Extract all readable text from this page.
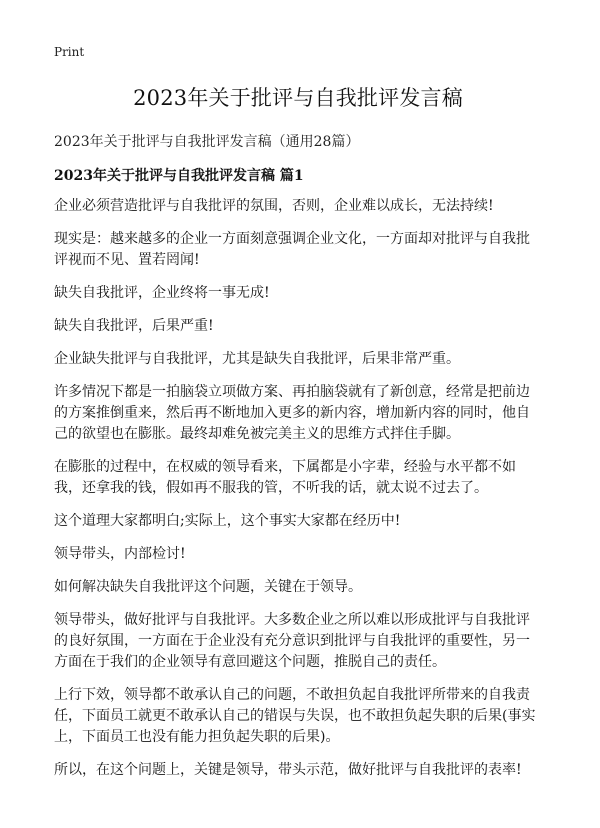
Print
2023年关于批评与自我批评发言稿
2023年关于批评与自我批评发言稿（通用28篇）
2023年关于批评与自我批评发言稿 篇1

企业必须营造批评与自我批评的氛围，否则，企业难以成长，无法持续!

现实是：越来越多的企业一方面刻意强调企业文化，一方面却对批评与自我批评视而不见、置若罔闻!

缺失自我批评，企业终将一事无成!

缺失自我批评，后果严重!

企业缺失批评与自我批评，尤其是缺失自我批评，后果非常严重。

许多情况下都是一拍脑袋立项做方案、再拍脑袋就有了新创意，经常是把前边的方案推倒重来，然后再不断地加入更多的新内容，增加新内容的同时，他自己的欲望也在膨胀。最终却难免被完美主义的思维方式拌住手脚。

在膨胀的过程中，在权威的领导看来，下属都是小字辈，经验与水平都不如我，还拿我的钱，假如再不服我的管，不听我的话，就太说不过去了。

这个道理大家都明白;实际上，这个事实大家都在经历中!

领导带头，内部检讨!

如何解决缺失自我批评这个问题，关键在于领导。

领导带头，做好批评与自我批评。大多数企业之所以难以形成批评与自我批评的良好氛围，一方面在于企业没有充分意识到批评与自我批评的重要性，另一方面在于我们的企业领导有意回避这个问题，推脱自己的责任。

上行下效，领导都不敢承认自己的问题，不敢担负起自我批评所带来的自我责任，下面员工就更不敢承认自己的错误与失误，也不敢担负起失职的后果(事实上，下面员工也没有能力担负起失职的后果)。

所以，在这个问题上，关键是领导，带头示范，做好批评与自我批评的表率!
